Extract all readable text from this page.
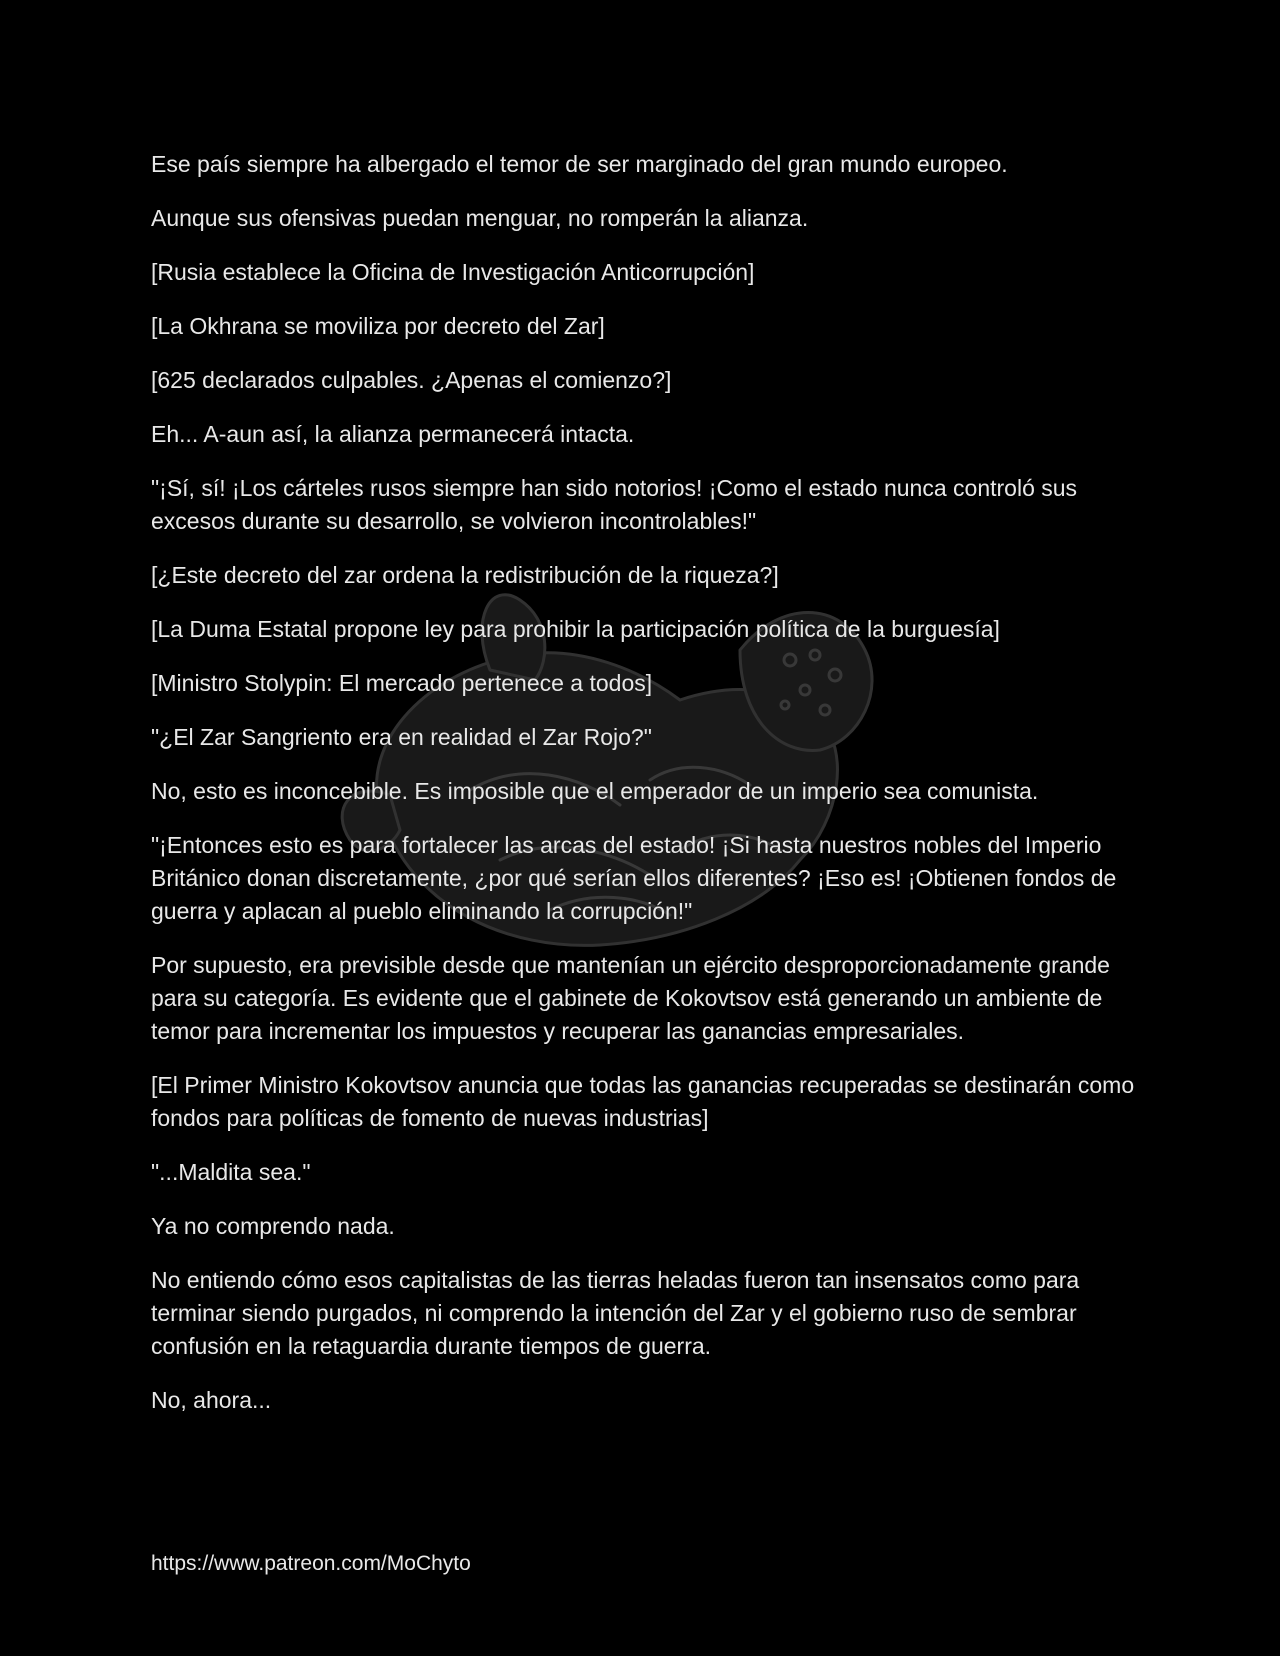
Ese país siempre ha albergado el temor de ser marginado del gran mundo europeo.

Aunque sus ofensivas puedan menguar, no romperán la alianza.

[Rusia establece la Oficina de Investigación Anticorrupción]

[La Okhrana se moviliza por decreto del Zar]

[625 declarados culpables. ¿Apenas el comienzo?]

Eh... A-aun así, la alianza permanecerá intacta.

"¡Sí, sí! ¡Los cárteles rusos siempre han sido notorios! ¡Como el estado nunca controló sus excesos durante su desarrollo, se volvieron incontrolables!"

[¿Este decreto del zar ordena la redistribución de la riqueza?]

[La Duma Estatal propone ley para prohibir la participación política de la burguesía]

[Ministro Stolypin: El mercado pertenece a todos]

"¿El Zar Sangriento era en realidad el Zar Rojo?"

No, esto es inconcebible. Es imposible que el emperador de un imperio sea comunista.

"¡Entonces esto es para fortalecer las arcas del estado! ¡Si hasta nuestros nobles del Imperio Británico donan discretamente, ¿por qué serían ellos diferentes? ¡Eso es! ¡Obtienen fondos de guerra y aplacan al pueblo eliminando la corrupción!"

Por supuesto, era previsible desde que mantenían un ejército desproporcionadamente grande para su categoría. Es evidente que el gabinete de Kokovtsov está generando un ambiente de temor para incrementar los impuestos y recuperar las ganancias empresariales.

[El Primer Ministro Kokovtsov anuncia que todas las ganancias recuperadas se destinarán como fondos para políticas de fomento de nuevas industrias]

"...Maldita sea."

Ya no comprendo nada.

No entiendo cómo esos capitalistas de las tierras heladas fueron tan insensatos como para terminar siendo purgados, ni comprendo la intención del Zar y el gobierno ruso de sembrar confusión en la retaguardia durante tiempos de guerra.

No, ahora...

https://www.patreon.com/MoChyto
